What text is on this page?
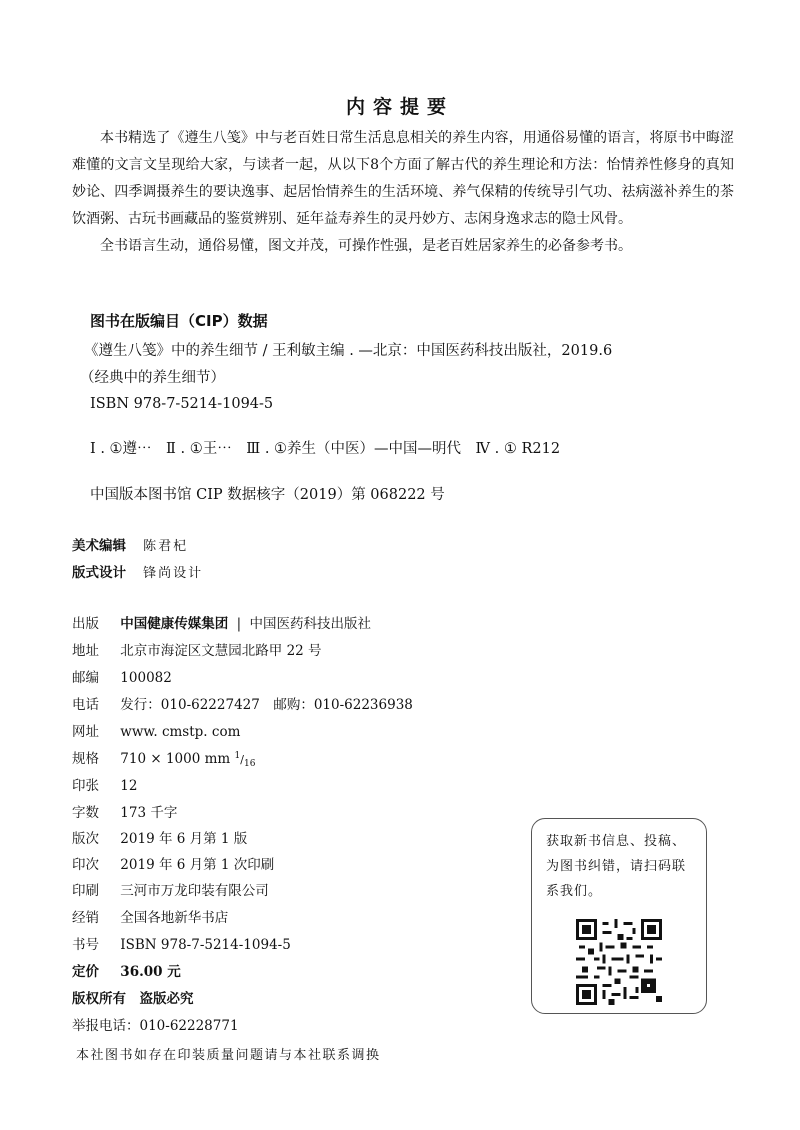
内容提要

本书精选了《遵生八笺》中与老百姓日常生活息息相关的养生内容，用通俗易懂的语言，将原书中晦涩难懂的文言文呈现给大家，与读者一起，从以下8个方面了解古代的养生理论和方法：怡情养性修身的真知妙论、四季调摄养生的要诀逸事、起居怡情养生的生活环境、养气保精的传统导引气功、祛病滋补养生的茶饮酒粥、古玩书画藏品的鉴赏辨别、延年益寿养生的灵丹妙方、志闲身逸求志的隐士风骨。

全书语言生动，通俗易懂，图文并茂，可操作性强，是老百姓居家养生的必备参考书。

图书在版编目（CIP）数据
《遵生八笺》中的养生细节 / 王利敏主编 . —北京：中国医药科技出版社，2019.6
（经典中的养生细节）
ISBN 978-7-5214-1094-5
Ⅰ . ①遵⋯　Ⅱ . ①王⋯　Ⅲ . ①养生（中医）—中国—明代　Ⅳ . ① R212
中国版本图书馆 CIP 数据核字（2019）第 068222 号
美术编辑 陈君杞
版式设计 锋尚设计
出版 中国健康传媒集团 | 中国医药科技出版社
地址 北京市海淀区文慧园北路甲 22 号
邮编 100082
电话 发行：010-62227427　邮购：010-62236938
网址 www. cmstp. com
规格 710 × 1000 mm $^1/_{16}$
印张 12
字数 173 千字
版次 2019 年 6 月第 1 版
印次 2019 年 6 月第 1 次印刷
印刷 三河市万龙印装有限公司
经销 全国各地新华书店
书号 ISBN 978-7-5214-1094-5
定价 36.00 元
版权所有　盗版必究
举报电话：010-62228771
获取新书信息、投稿、为图书纠错，请扫码联系我们。
本社图书如存在印装质量问题请与本社联系调换
